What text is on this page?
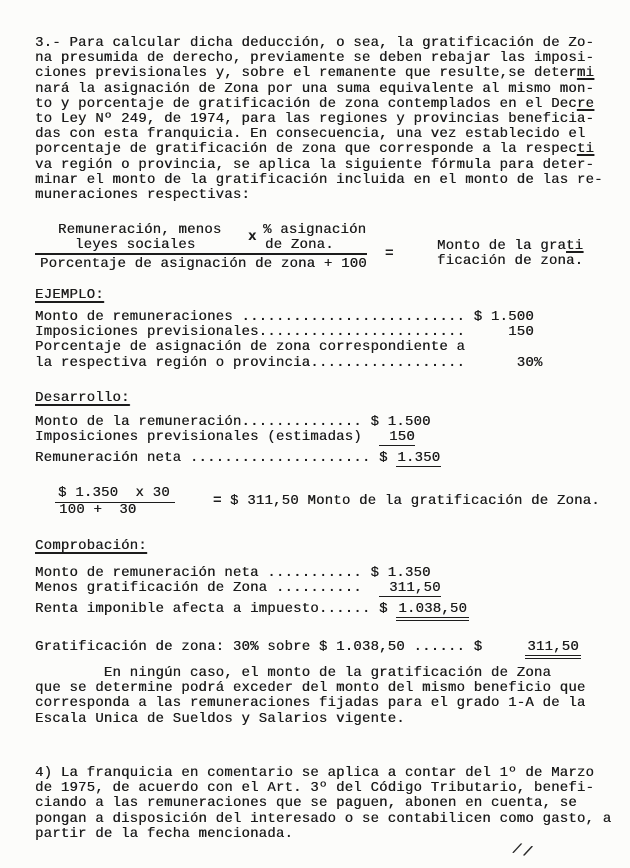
3.- Para calcular dicha deducción, o sea, la gratificación de Zo-
na presumida de derecho, previamente se deben rebajar las imposi-
ciones previsionales y, sobre el remanente que resulte,se determi
nará la asignación de Zona por una suma equivalente al mismo mon-
to y porcentaje de gratificación de zona contemplados en el Decre
to Ley Nº 249, de 1974, para las regiones y provincias beneficia-
das con esta franquicia. En consecuencia, una vez establecido el
porcentaje de gratificación de zona que corresponde a la respecti
va región o provincia, se aplica la siguiente fórmula para deter-
minar el monto de la gratificación incluida en el monto de las re-
muneraciones respectivas:
Remuneración, menos x % asignación
leyes sociales	de Zona.
Porcentaje de asignación de zona + 100
=	Monto de la grati
ficación de zona.
EJEMPLO:
Monto de remuneraciones .......................... $ 1.500
Imposiciones previsionales........................     150
Porcentaje de asignación de zona correspondiente a
la respectiva región o provincia..................      30%
Desarrollo:
Monto de la remuneración.............. $ 1.500
Imposiciones previsionales (estimadas)  150
Remuneración neta ..................... $ 1.350
$ 1.350  x 30
100 +  30
= $ 311,50 Monto de la gratificación de Zona.
Comprobación:
Monto de remuneración neta ........... $ 1.350
Menos gratificación de Zona ..........  311,50
Renta imponible afecta a impuesto...... $ 1.038,50
Gratificación de zona: 30% sobre $ 1.038,50 ...... $     311,50
En ningún caso, el monto de la gratificación de Zona
que se determine podrá exceder del monto del mismo beneficio que
corresponda a las remuneraciones fijadas para el grado 1-A de la
Escala Unica de Sueldos y Salarios vigente.
4) La franquicia en comentario se aplica a contar del 1º de Marzo
de 1975, de acuerdo con el Art. 3º del Código Tributario, benefi-
ciando a las remuneraciones que se paguen, abonen en cuenta, se
pongan a disposición del interesado o se contabilicen como gasto, a
partir de la fecha mencionada.
//
